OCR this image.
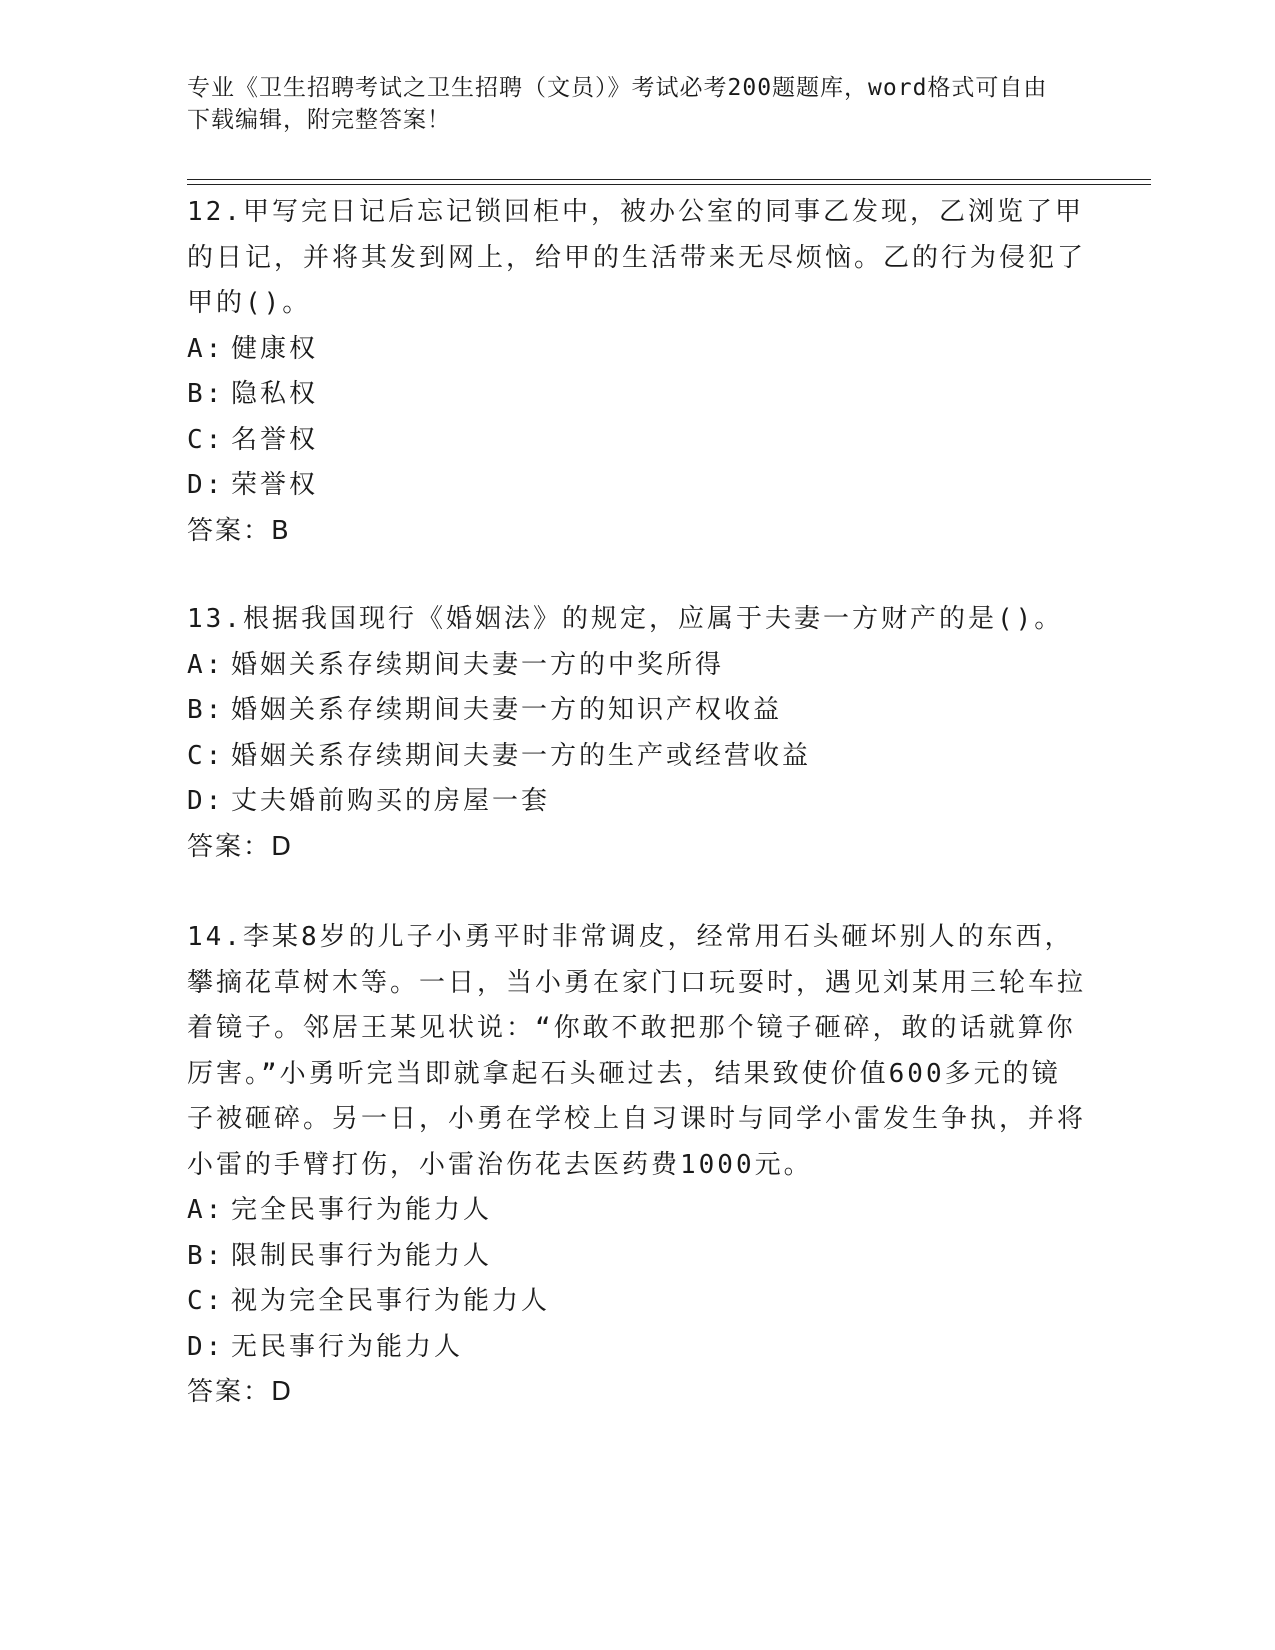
专业《卫生招聘考试之卫生招聘（文员）》考试必考200题题库，word格式可自由下载编辑，附完整答案！
12.甲写完日记后忘记锁回柜中，被办公室的同事乙发现，乙浏览了甲的日记，并将其发到网上，给甲的生活带来无尽烦恼。乙的行为侵犯了甲的()。
A: 健康权
B: 隐私权
C: 名誉权
D: 荣誉权
答案：B
13.根据我国现行《婚姻法》的规定，应属于夫妻一方财产的是()。
A: 婚姻关系存续期间夫妻一方的中奖所得
B: 婚姻关系存续期间夫妻一方的知识产权收益
C: 婚姻关系存续期间夫妻一方的生产或经营收益
D: 丈夫婚前购买的房屋一套
答案：D
14.李某8岁的儿子小勇平时非常调皮，经常用石头砸坏别人的东西，攀摘花草树木等。一日，当小勇在家门口玩耍时，遇见刘某用三轮车拉着镜子。邻居王某见状说：“你敢不敢把那个镜子砸碎，敢的话就算你厉害。”小勇听完当即就拿起石头砸过去，结果致使价值600多元的镜子被砸碎。另一日，小勇在学校上自习课时与同学小雷发生争执，并将小雷的手臂打伤，小雷治伤花去医药费1000元。
A: 完全民事行为能力人
B: 限制民事行为能力人
C: 视为完全民事行为能力人
D: 无民事行为能力人
答案：D
